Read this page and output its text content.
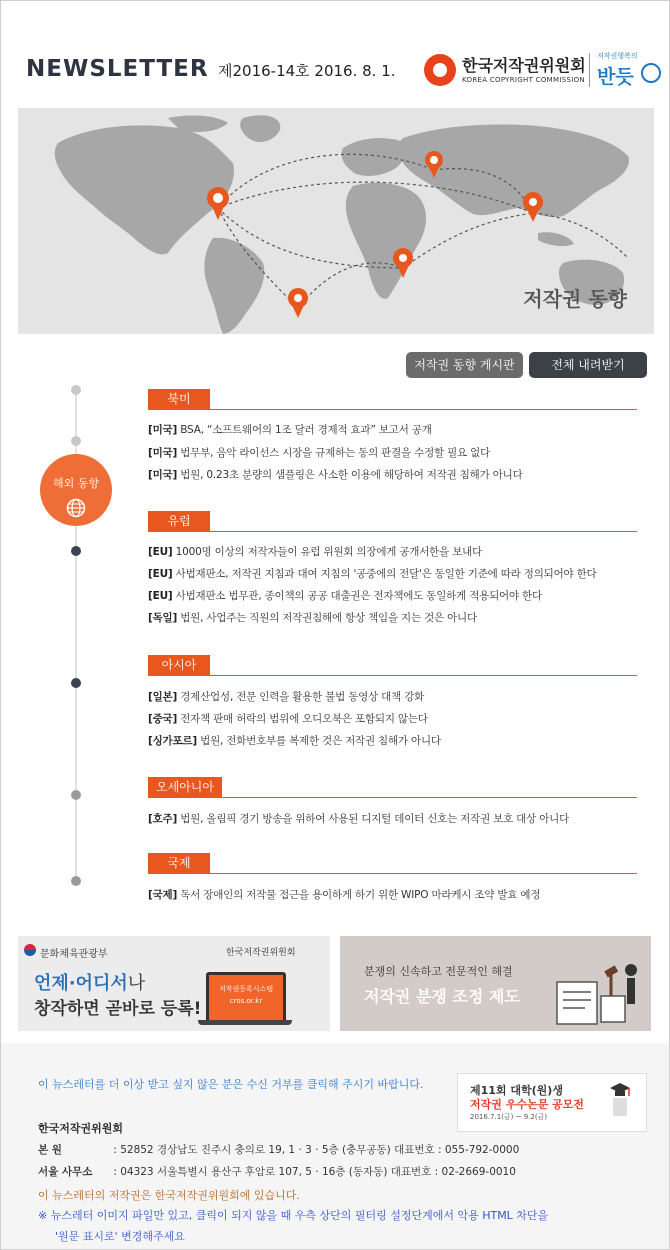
NEWSLETTER 제2016-14호 2016. 8. 1.	한국저작권위원회
KOREA COPYRIGHT COMMISSION
저작권행복의
반듯
저작권 동향
저작권 동향 게시판	전체 내려받기
해외 동향
북미
[미국] BSA, “소프트웨어의 1조 달러 경제적 효과” 보고서 공개
[미국] 법무부, 음악 라이선스 시장을 규제하는 동의 판결을 수정할 필요 없다
[미국] 법원, 0.23초 분량의 샘플링은 사소한 이용에 해당하여 저작권 침해가 아니다
유럽
[EU] 1000명 이상의 저작자들이 유럽 위원회 의장에게 공개서한을 보내다
[EU] 사법재판소, 저작권 지침과 대여 지침의 '공중에의 전달'은 동일한 기준에 따라 정의되어야 한다
[EU] 사법재판소 법무관, 종이책의 공공 대출권은 전자책에도 동일하게 적용되어야 한다
[독일] 법원, 사업주는 직원의 저작권침해에 항상 책임을 지는 것은 아니다
아시아
[일본] 경제산업성, 전문 인력을 활용한 불법 동영상 대책 강화
[중국] 전자책 판매 허락의 범위에 오디오북은 포함되지 않는다
[싱가포르] 법원, 전화번호부를 복제한 것은 저작권 침해가 아니다
오세아니아
[호주] 법원, 올림픽 경기 방송을 위하여 사용된 디지털 데이터 신호는 저작권 보호 대상 아니다
국제
[국제] 독서 장애인의 저작물 접근을 용이하게 하기 위한 WIPO 마라케시 조약 발효 예정
문화체육관광부	한국저작권위원회
언제·어디서나
창작하면 곧바로 등록!
저작권등록시스템
cros.or.kr
분쟁의 신속하고 전문적인 해결
저작권 분쟁 조정 제도
이 뉴스레터를 더 이상 받고 싶지 않은 분은 수신 거부를 클릭해 주시기 바랍니다.	제11회 대학(원)생
저작권 우수논문 공모전
2016.7.1(금) ~ 9.2(금)
한국저작권위원회
본 원	: 52852 경상남도 진주시 충의로 19, 1 · 3 · 5층 (충무공동) 대표번호 : 055-792-0000
서울 사무소 : 04323 서울특별시 용산구 후암로 107, 5 · 16층 (동자동) 대표번호 : 02-2669-0010
이 뉴스레터의 저작권은 한국저작권위원회에 있습니다.
※ 뉴스레터 이미지 파일만 있고, 클릭이 되지 않을 때 우측 상단의 필터링 설정단계에서 악용 HTML 차단을
'원문 표시로' 변경해주세요
